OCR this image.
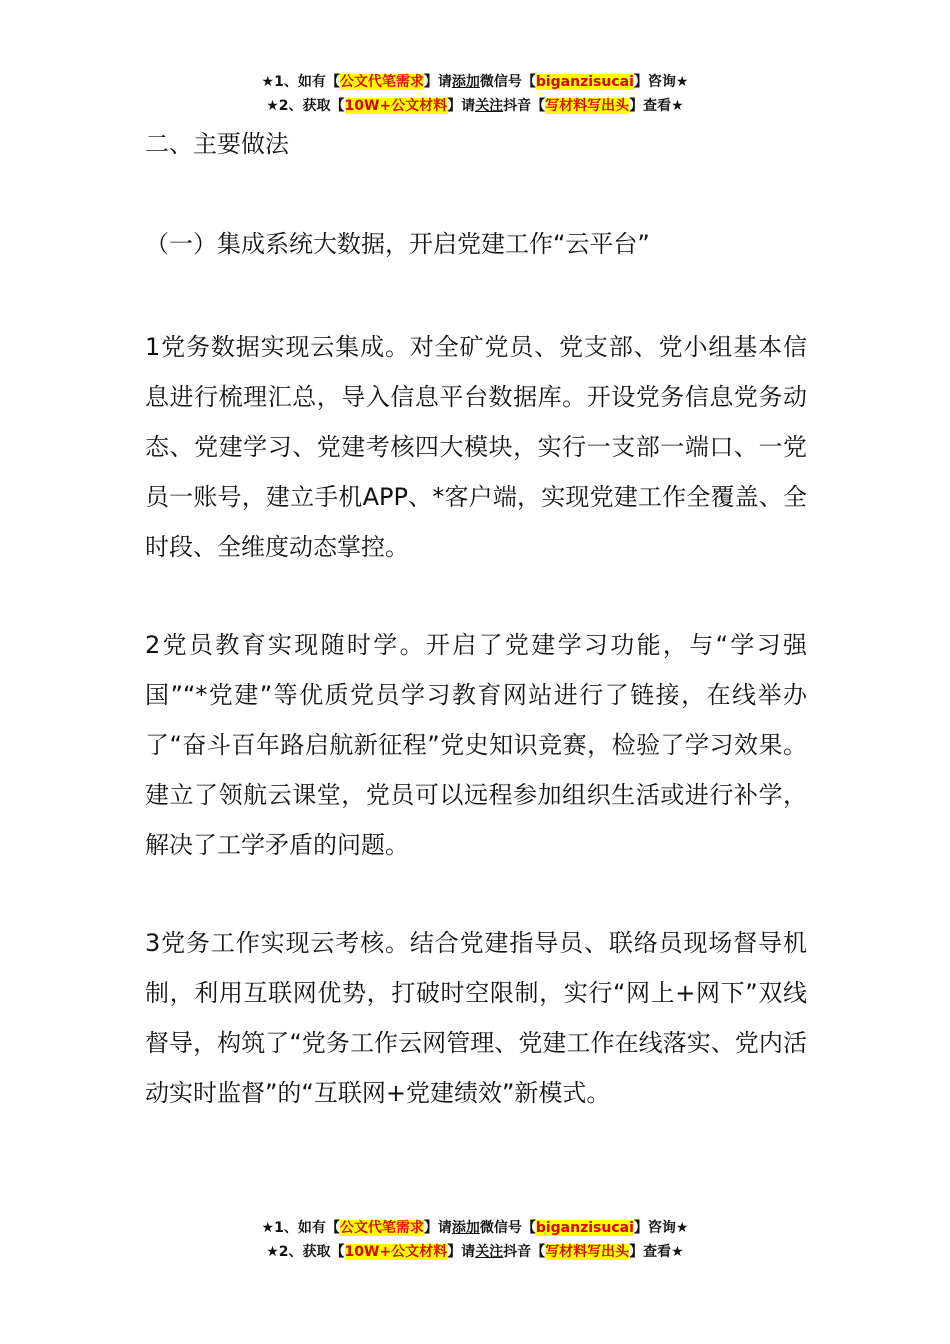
★1、如有【公文代笔需求】请添加微信号【biganzisucai】咨询★
★2、获取【10W+公文材料】请关注抖音【写材料写出头】查看★
二、主要做法
（一）集成系统大数据，开启党建工作“云平台”

1党务数据实现云集成。对全矿党员、党支部、党小组基本信息进行梳理汇总，导入信息平台数据库。开设党务信息党务动态、党建学习、党建考核四大模块，实行一支部一端口、一党员一账号，建立手机APP、*客户端，实现党建工作全覆盖、全时段、全维度动态掌控。

2党员教育实现随时学。开启了党建学习功能，与“学习强国”“*党建”等优质党员学习教育网站进行了链接，在线举办了“奋斗百年路启航新征程”党史知识竞赛，检验了学习效果。建立了领航云课堂，党员可以远程参加组织生活或进行补学，解决了工学矛盾的问题。

3党务工作实现云考核。结合党建指导员、联络员现场督导机制，利用互联网优势，打破时空限制，实行“网上+网下”双线督导，构筑了“党务工作云网管理、党建工作在线落实、党内活动实时监督”的“互联网+党建绩效”新模式。

★1、如有【公文代笔需求】请添加微信号【biganzisucai】咨询★
★2、获取【10W+公文材料】请关注抖音【写材料写出头】查看★
